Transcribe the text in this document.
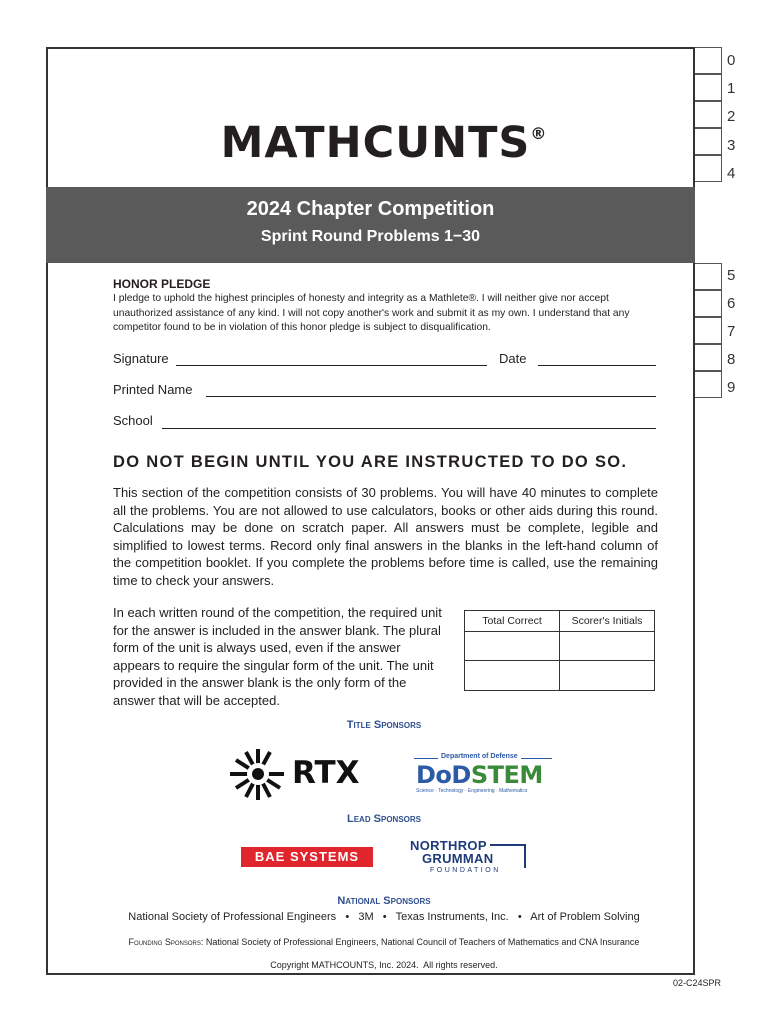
0
1
2
3
4
5
6
7
8
9
MATHCUNTS®
2024 Chapter Competition
Sprint Round Problems 1−30
HONOR PLEDGE
I pledge to uphold the highest principles of honesty and integrity as a Mathlete®. I will neither give nor accept unauthorized assistance of any kind. I will not copy another's work and submit it as my own. I understand that any competitor found to be in violation of this honor pledge is subject to disqualification.
Signature	Date
Printed Name
School
DO NOT BEGIN UNTIL YOU ARE INSTRUCTED TO DO SO.
This section of the competition consists of 30 problems. You will have 40 minutes to complete all the problems. You are not allowed to use calculators, books or other aids during this round. Calculations may be done on scratch paper. All answers must be complete, legible and simplified to lowest terms. Record only final answers in the blanks in the left-hand column of the competition booklet. If you complete the problems before time is called, use the remaining time to check your answers.
In each written round of the competition, the required unit for the answer is included in the answer blank. The plural form of the unit is always used, even if the answer appears to require the singular form of the unit. The unit provided in the answer blank is the only form of the answer that will be accepted.
Total Correct	Scorer's Initials

Title Sponsors
RTX	Department of Defense
DoDSTEM
Science · Technology · Engineering · Mathematics
Lead Sponsors
BAE SYSTEMS
NORTHROP
GRUMMAN
FOUNDATION
National Sponsors
National Society of Professional Engineers   •   3M   •   Texas Instruments, Inc.   •   Art of Problem Solving
Founding Sponsors: National Society of Professional Engineers, National Council of Teachers of Mathematics and CNA Insurance
Copyright MATHCOUNTS, Inc. 2024.  All rights reserved.
02-C24SPR
